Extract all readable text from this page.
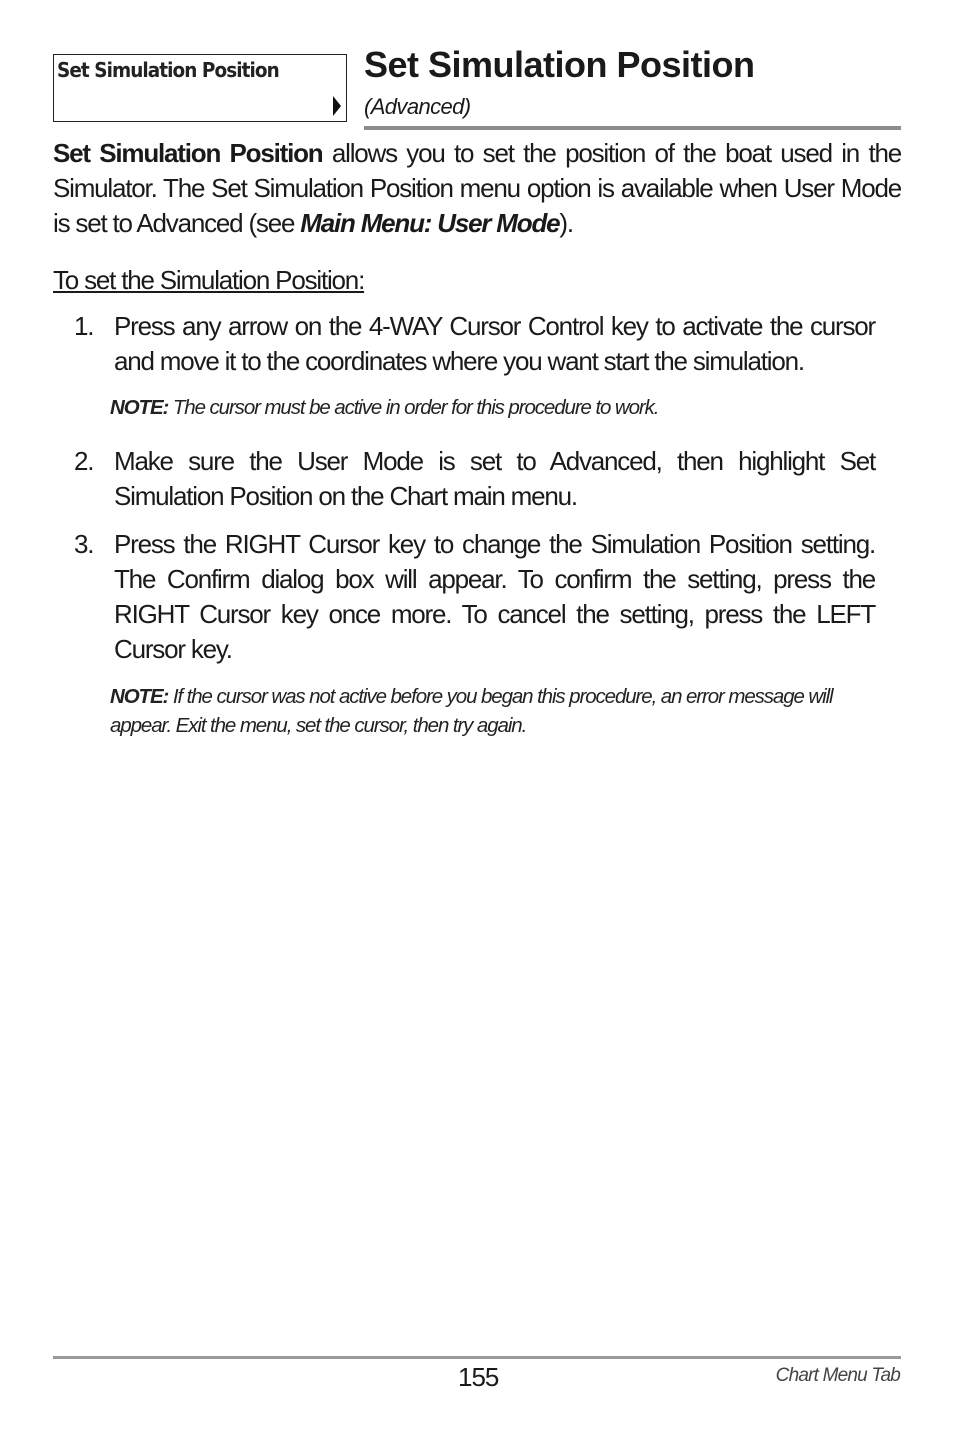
Set Simulation Position Set Simulation Position
(Advanced)
Set Simulation Position allows you to set the position of the boat used in the Simulator. The Set Simulation Position menu option is available when User Mode is set to Advanced (see Main Menu: User Mode).
To set the Simulation Position:
1. Press any arrow on the 4-WAY Cursor Control key to activate the cursor and move it to the coordinates where you want start the simulation.
NOTE: The cursor must be active in order for this procedure to work.
2. Make sure the User Mode is set to Advanced, then highlight Set Simulation Position on the Chart main menu.
3. Press the RIGHT Cursor key to change the Simulation Position setting. The Confirm dialog box will appear. To confirm the setting, press the RIGHT Cursor key once more. To cancel the setting, press the LEFT Cursor key.
NOTE: If the cursor was not active before you began this procedure, an error message will appear. Exit the menu, set the cursor, then try again.
155	Chart Menu Tab
